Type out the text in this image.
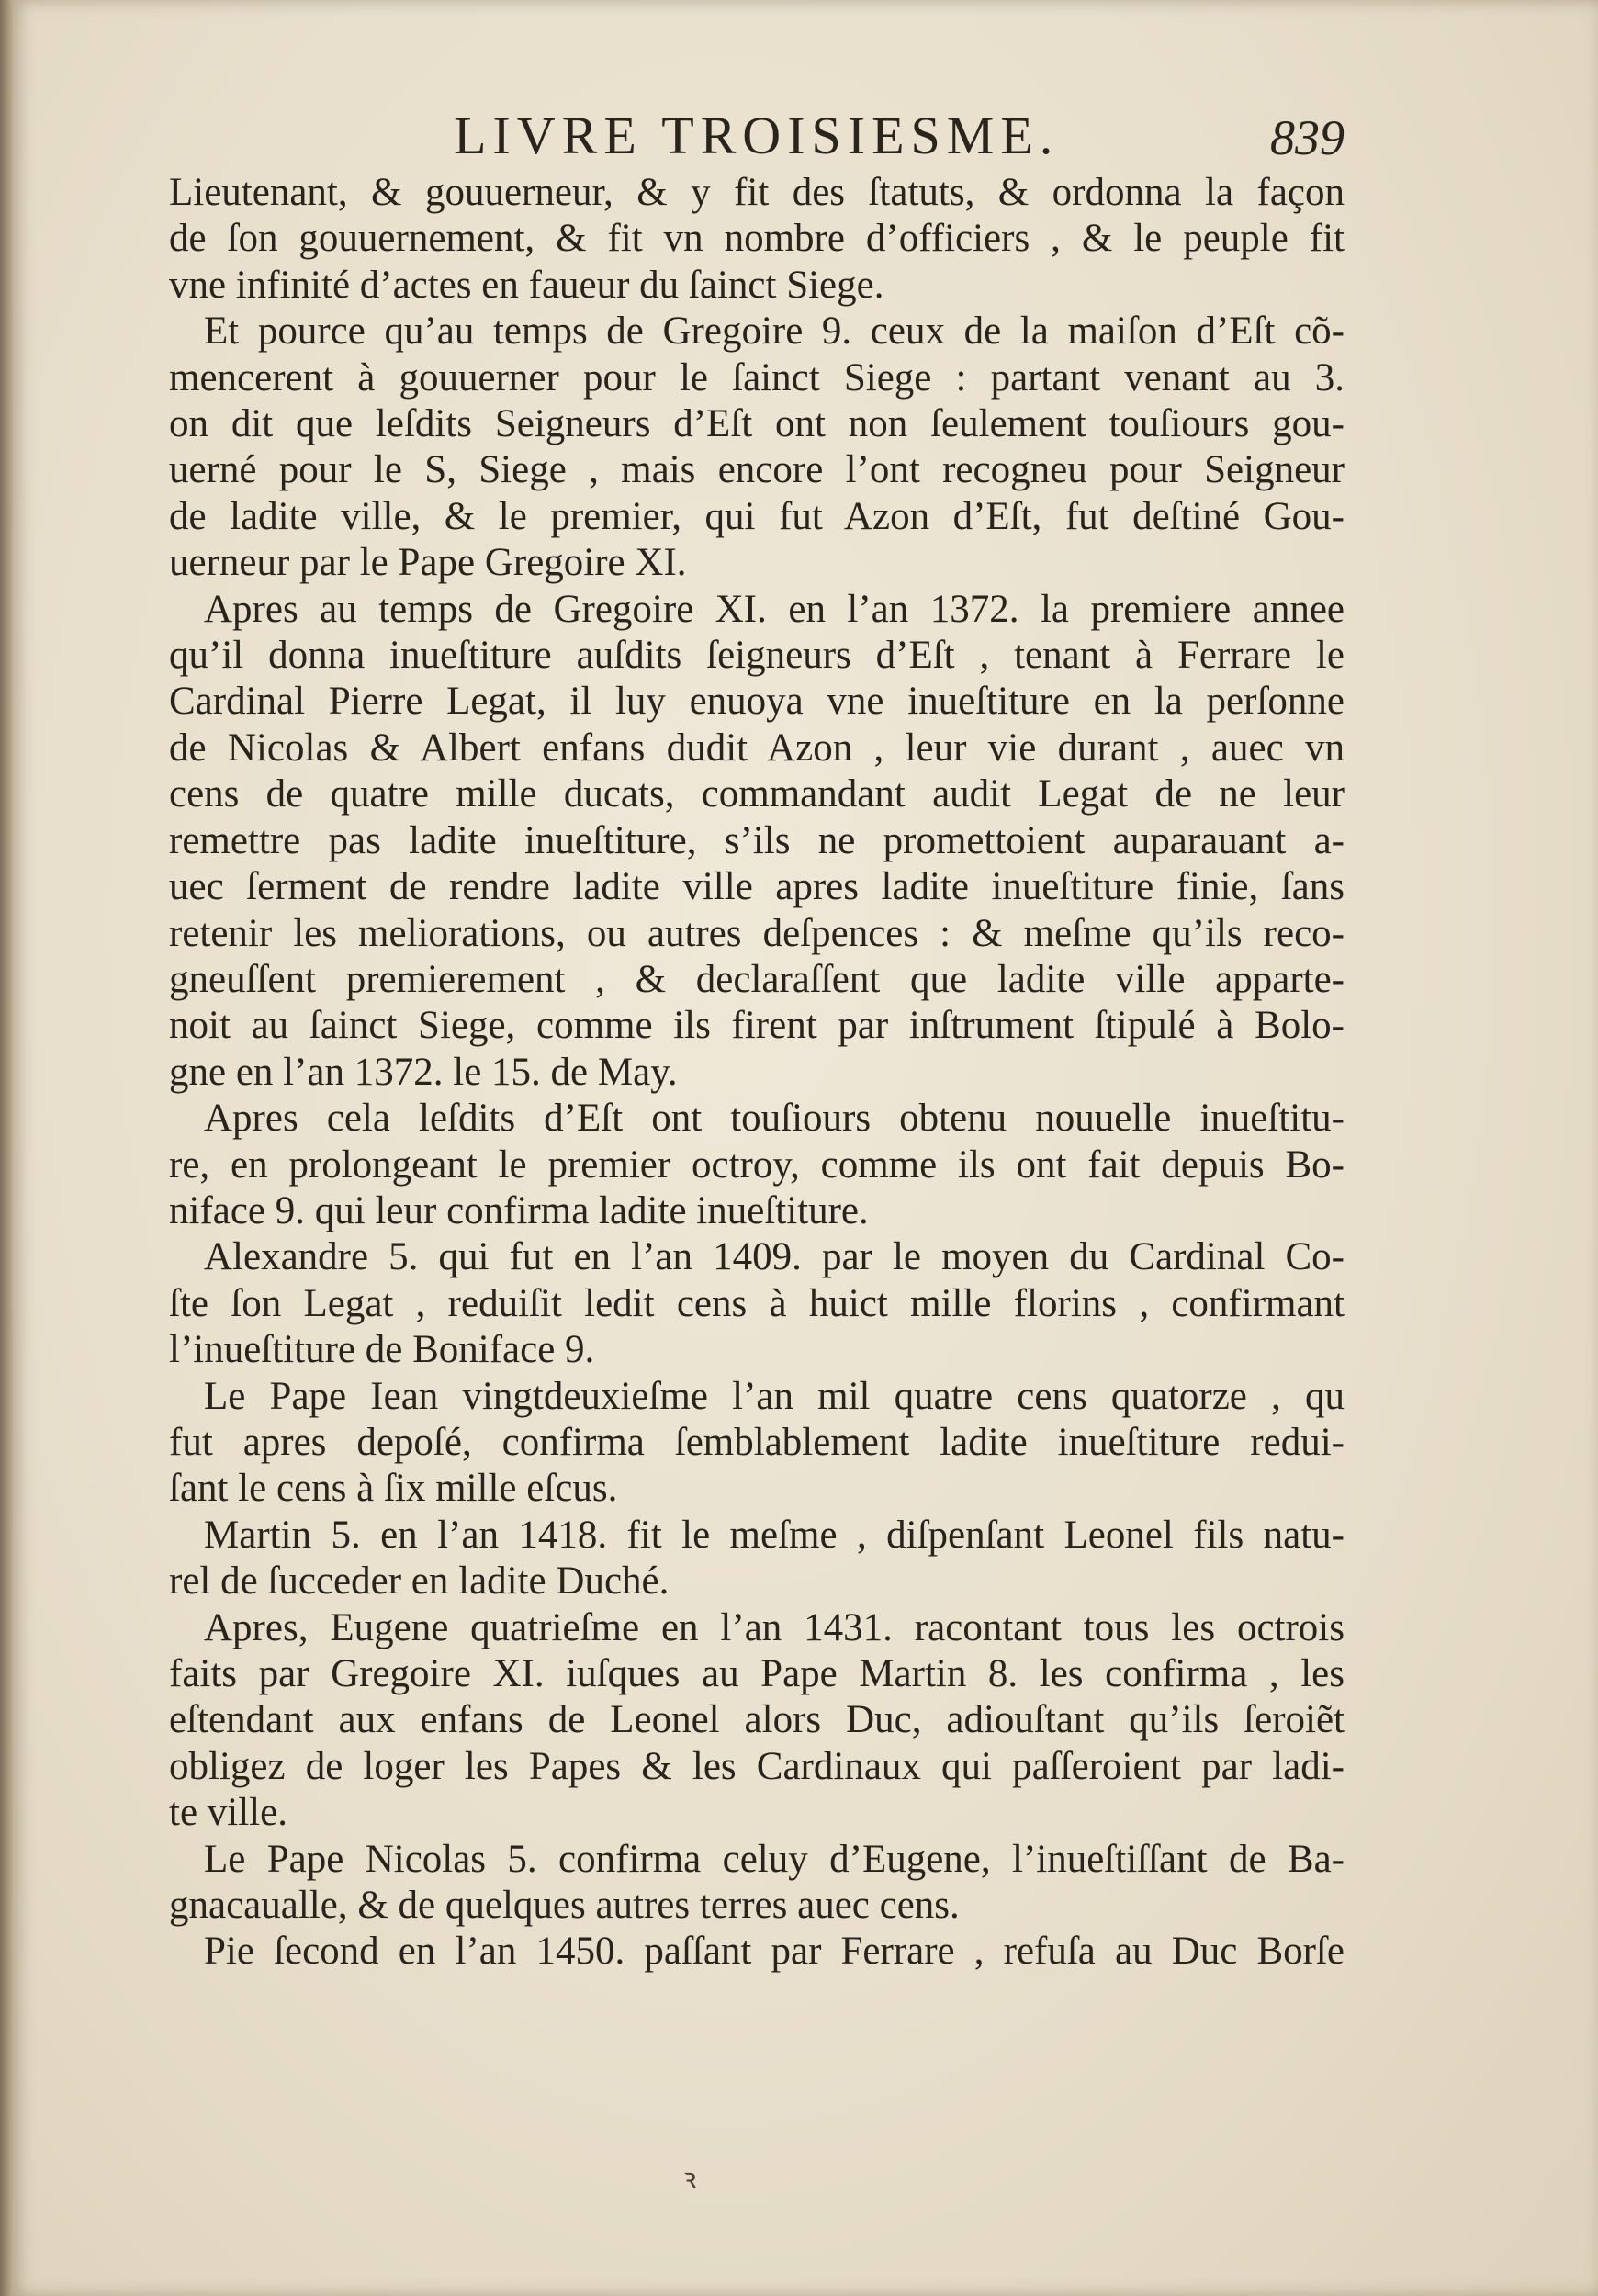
LIVRE TROISIESME.	839
Lieutenant, & gouuerneur, & y fit des ſtatuts, & ordonna la façon
de ſon gouuernement, & fit vn nombre d’officiers , & le peuple fit
vne infinité d’actes en faueur du ſainct Siege.
Et pource qu’au temps de Gregoire 9. ceux de la maiſon d’Eſt cõ-
mencerent à gouuerner pour le ſainct Siege : partant venant au 3.
on dit que leſdits Seigneurs d’Eſt ont non ſeulement touſiours gou-
uerné pour le S, Siege , mais encore l’ont recogneu pour Seigneur
de ladite ville, & le premier, qui fut Azon d’Eſt, fut deſtiné Gou-
uerneur par le Pape Gregoire XI.
Apres au temps de Gregoire XI. en l’an 1372. la premiere annee
qu’il donna inueſtiture auſdits ſeigneurs d’Eſt , tenant à Ferrare le
Cardinal Pierre Legat, il luy enuoya vne inueſtiture en la perſonne
de Nicolas & Albert enfans dudit Azon , leur vie durant , auec vn
cens de quatre mille ducats, commandant audit Legat de ne leur
remettre pas ladite inueſtiture, s’ils ne promettoient auparauant a-
uec ſerment de rendre ladite ville apres ladite inueſtiture finie, ſans
retenir les meliorations, ou autres deſpences : & meſme qu’ils reco-
gneuſſent premierement , & declaraſſent que ladite ville apparte-
noit au ſainct Siege, comme ils firent par inſtrument ſtipulé à Bolo-
gne en l’an 1372. le 15. de May.
Apres cela leſdits d’Eſt ont touſiours obtenu nouuelle inueſtitu-
re, en prolongeant le premier octroy, comme ils ont fait depuis Bo-
niface 9. qui leur confirma ladite inueſtiture.
Alexandre 5. qui fut en l’an 1409. par le moyen du Cardinal Co-
ſte ſon Legat , reduiſit ledit cens à huict mille florins , confirmant
l’inueſtiture de Boniface 9.
Le Pape Iean vingtdeuxieſme l’an mil quatre cens quatorze , qu
fut apres depoſé, confirma ſemblablement ladite inueſtiture redui-
ſant le cens à ſix mille eſcus.
Martin 5. en l’an 1418. fit le meſme , diſpenſant Leonel fils natu-
rel de ſucceder en ladite Duché.
Apres, Eugene quatrieſme en l’an 1431. racontant tous les octrois
faits par Gregoire XI. iuſques au Pape Martin 8. les confirma , les
eſtendant aux enfans de Leonel alors Duc, adiouſtant qu’ils ſeroiẽt
obligez de loger les Papes & les Cardinaux qui paſſeroient par ladi-
te ville.
Le Pape Nicolas 5. confirma celuy d’Eugene, l’inueſtiſſant de Ba-
gnacaualle, & de quelques autres terres auec cens.
Pie ſecond en l’an 1450. paſſant par Ferrare , refuſa au Duc Borſe
ꝛ
